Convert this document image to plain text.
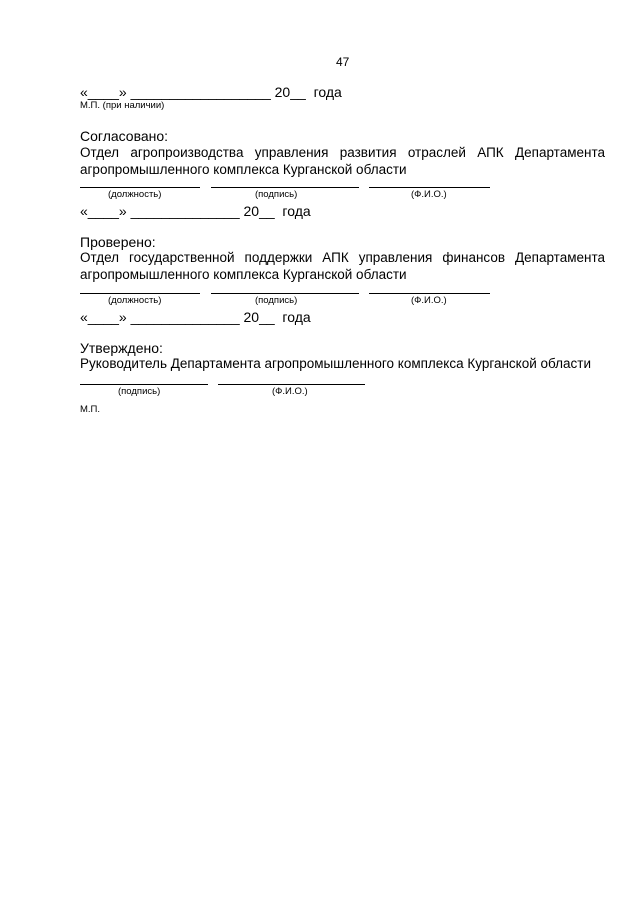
47
«____» __________________ 20__  года
М.П. (при наличии)
Согласовано:
Отдел агропроизводства управления развития отраслей АПК Департамента
агропромышленного комплекса Курганской области
(должность)	(подпись)	(Ф.И.О.)
«____» ______________ 20__  года
Проверено:
Отдел государственной поддержки АПК управления финансов Департамента
агропромышленного комплекса Курганской области
(должность)	(подпись)	(Ф.И.О.)
«____» ______________ 20__  года
Утверждено:
Руководитель Департамента агропромышленного комплекса Курганской области
(подпись)	(Ф.И.О.)
М.П.
